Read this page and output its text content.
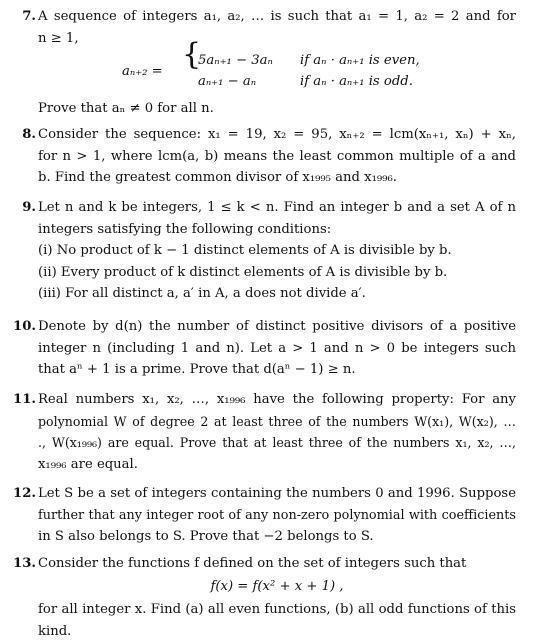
7. A sequence of integers a₁, a₂, … is such that a₁ = 1, a₂ = 2 and for
n ≥ 1,
aₙ₊₂ = {
5aₙ₊₁ − 3aₙ if aₙ · aₙ₊₁ is even,
aₙ₊₁ − aₙ	if aₙ · aₙ₊₁ is odd.
Prove that aₙ ≠ 0 for all n.
8. Consider the sequence: x₁ = 19, x₂ = 95, xₙ₊₂ = lcm(xₙ₊₁, xₙ) + xₙ,
for n > 1, where lcm(a, b) means the least common multiple of a and
b. Find the greatest common divisor of x₁₉₉₅ and x₁₉₉₆.
9. Let n and k be integers, 1 ≤ k < n. Find an integer b and a set A of n
integers satisfying the following conditions:
(i) No product of k − 1 distinct elements of A is divisible by b.
(ii) Every product of k distinct elements of A is divisible by b.
(iii) For all distinct a, a′ in A, a does not divide a′.
10. Denote by d(n) the number of distinct positive divisors of a positive
integer n (including 1 and n). Let a > 1 and n > 0 be integers such
that aⁿ + 1 is a prime. Prove that d(aⁿ − 1) ≥ n.
11. Real numbers x₁, x₂, …, x₁₉₉₆ have the following property: For any
polynomial W of degree 2 at least three of the numbers W(x₁), W(x₂), …
., W(x₁₉₉₆) are equal. Prove that at least three of the numbers x₁, x₂, …,
x₁₉₉₆ are equal.
12. Let S be a set of integers containing the numbers 0 and 1996. Suppose
further that any integer root of any non-zero polynomial with coefficients
in S also belongs to S. Prove that −2 belongs to S.
13. Consider the functions f defined on the set of integers such that
f(x) = f(x² + x + 1) ,
for all integer x. Find (a) all even functions, (b) all odd functions of this
kind.
